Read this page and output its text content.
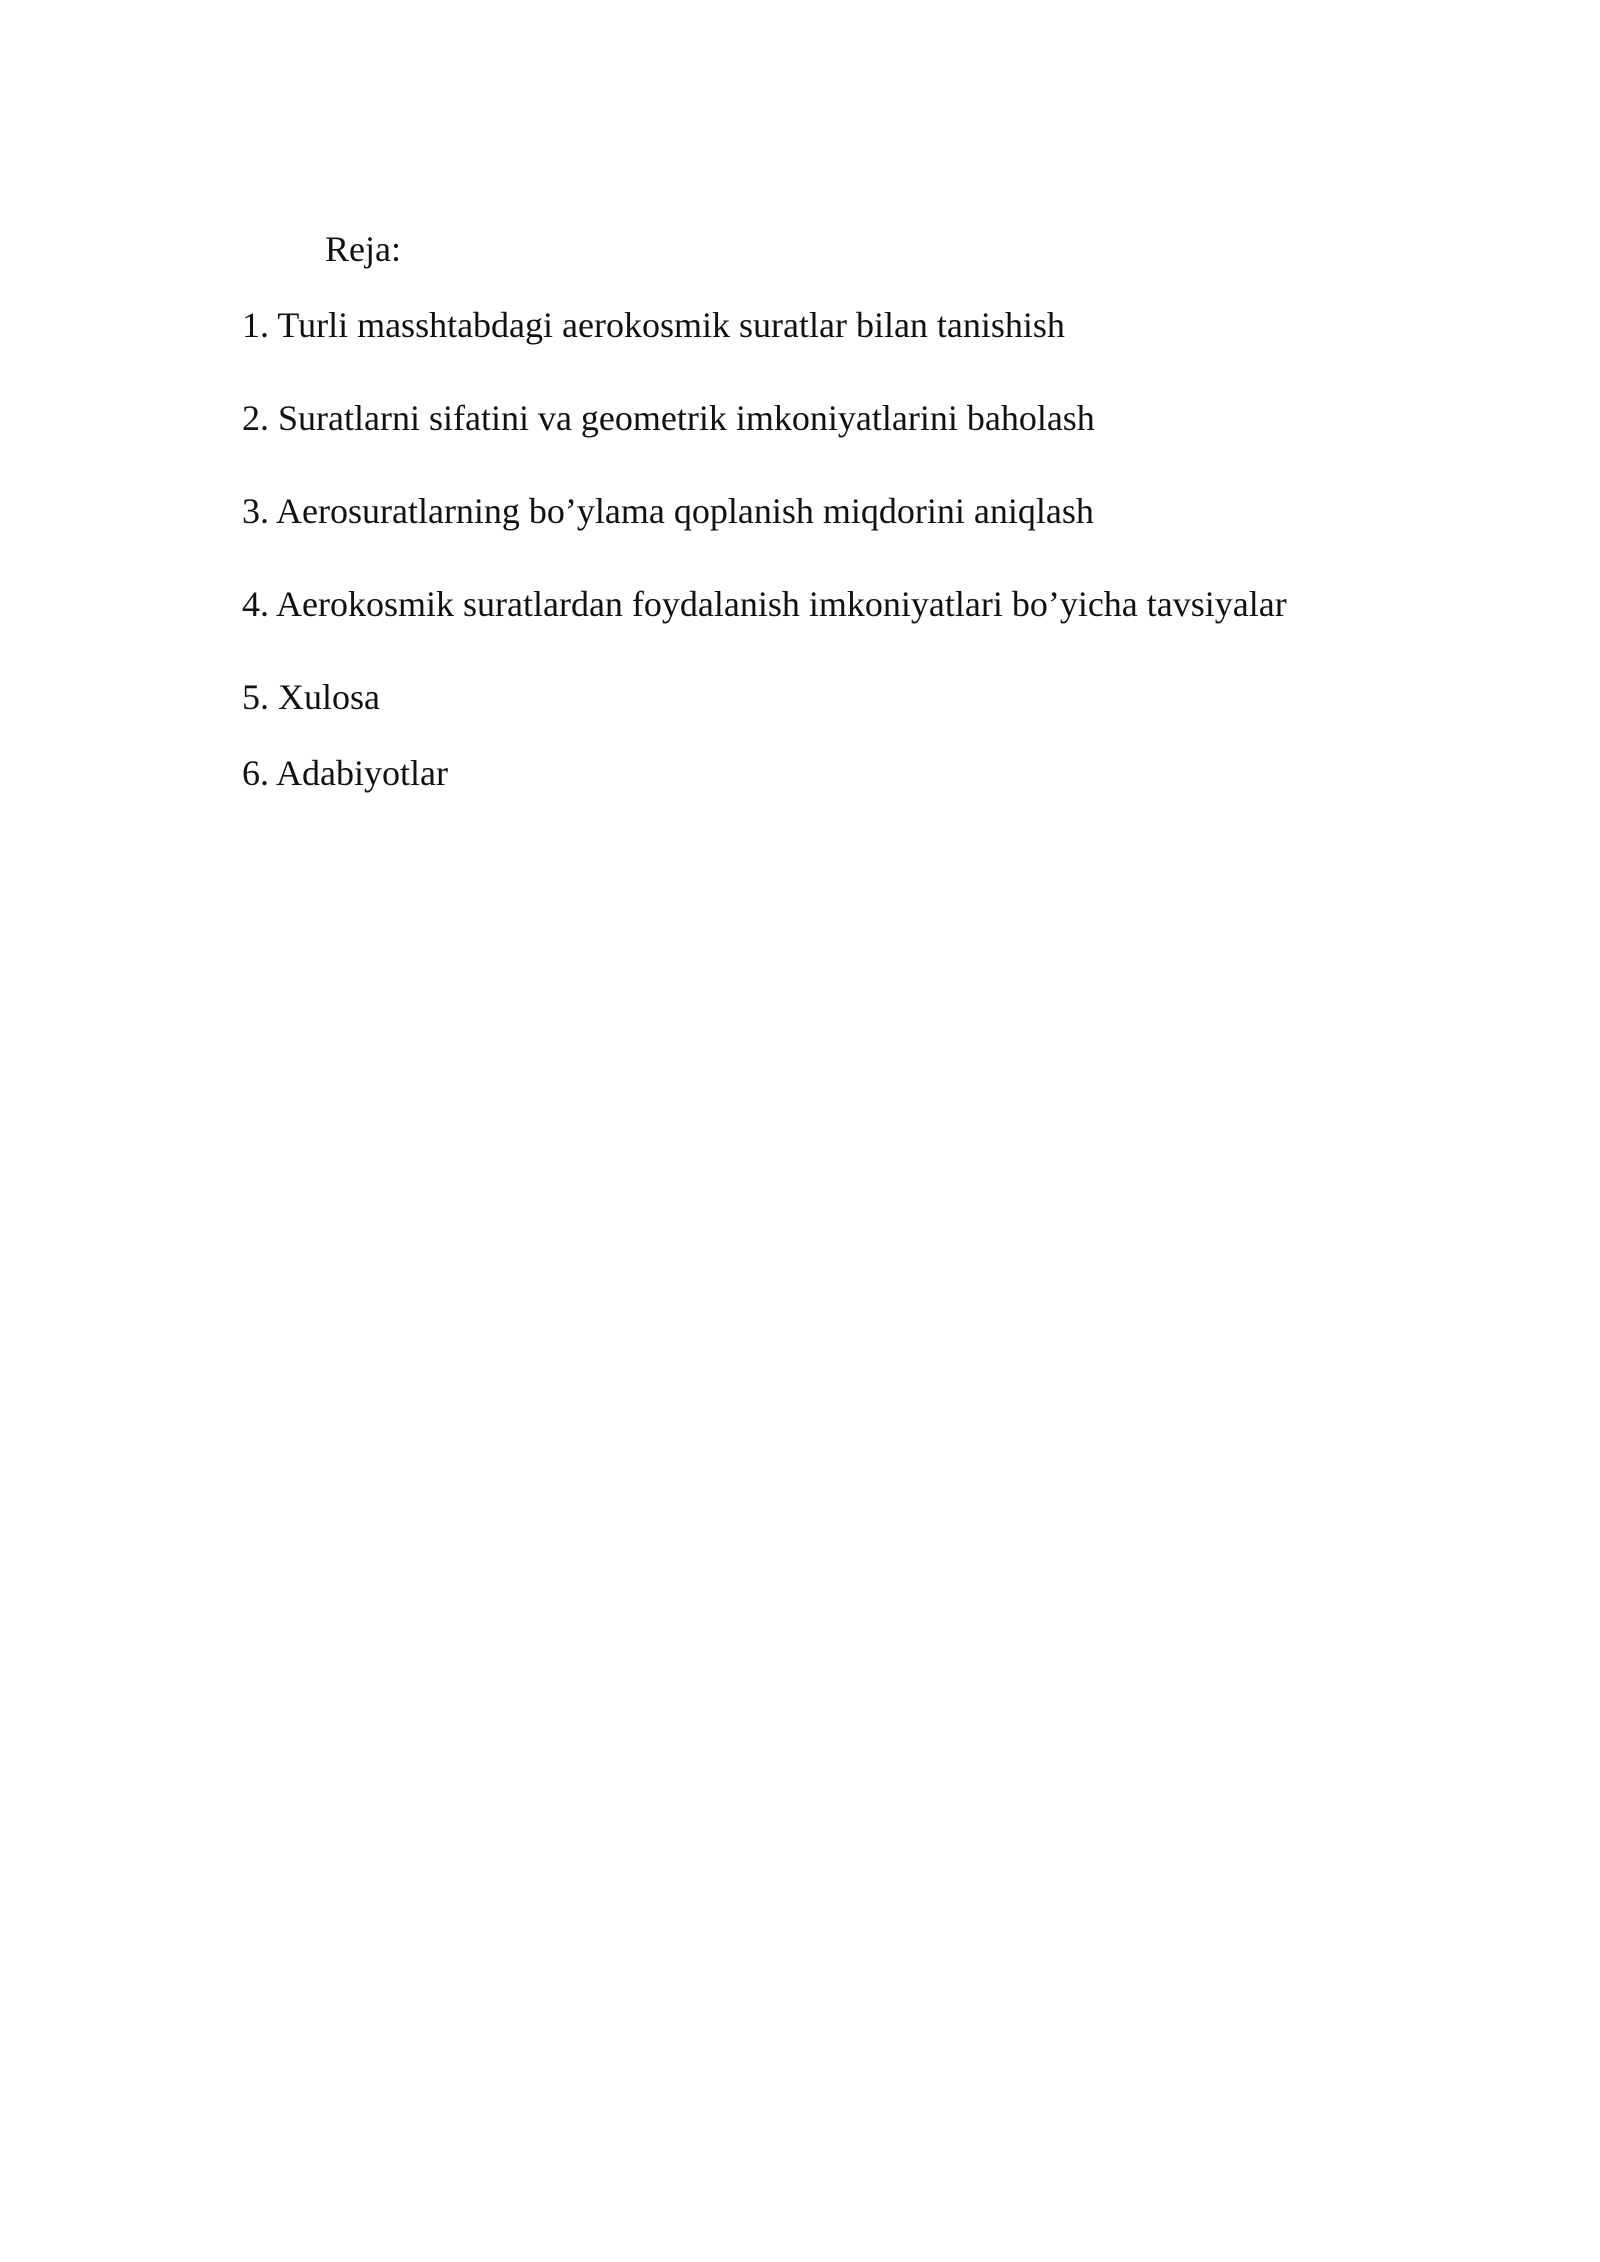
Reja:
1. Turli masshtabdagi aerokosmik suratlar bilan tanishish
2. Suratlarni sifatini va geometrik imkoniyatlarini baholash
3. Aerosuratlarning bo’ylama qoplanish miqdorini aniqlash
4. Aerokosmik suratlardan foydalanish imkoniyatlari bo’yicha tavsiyalar
5. Xulosa
6. Adabiyotlar
